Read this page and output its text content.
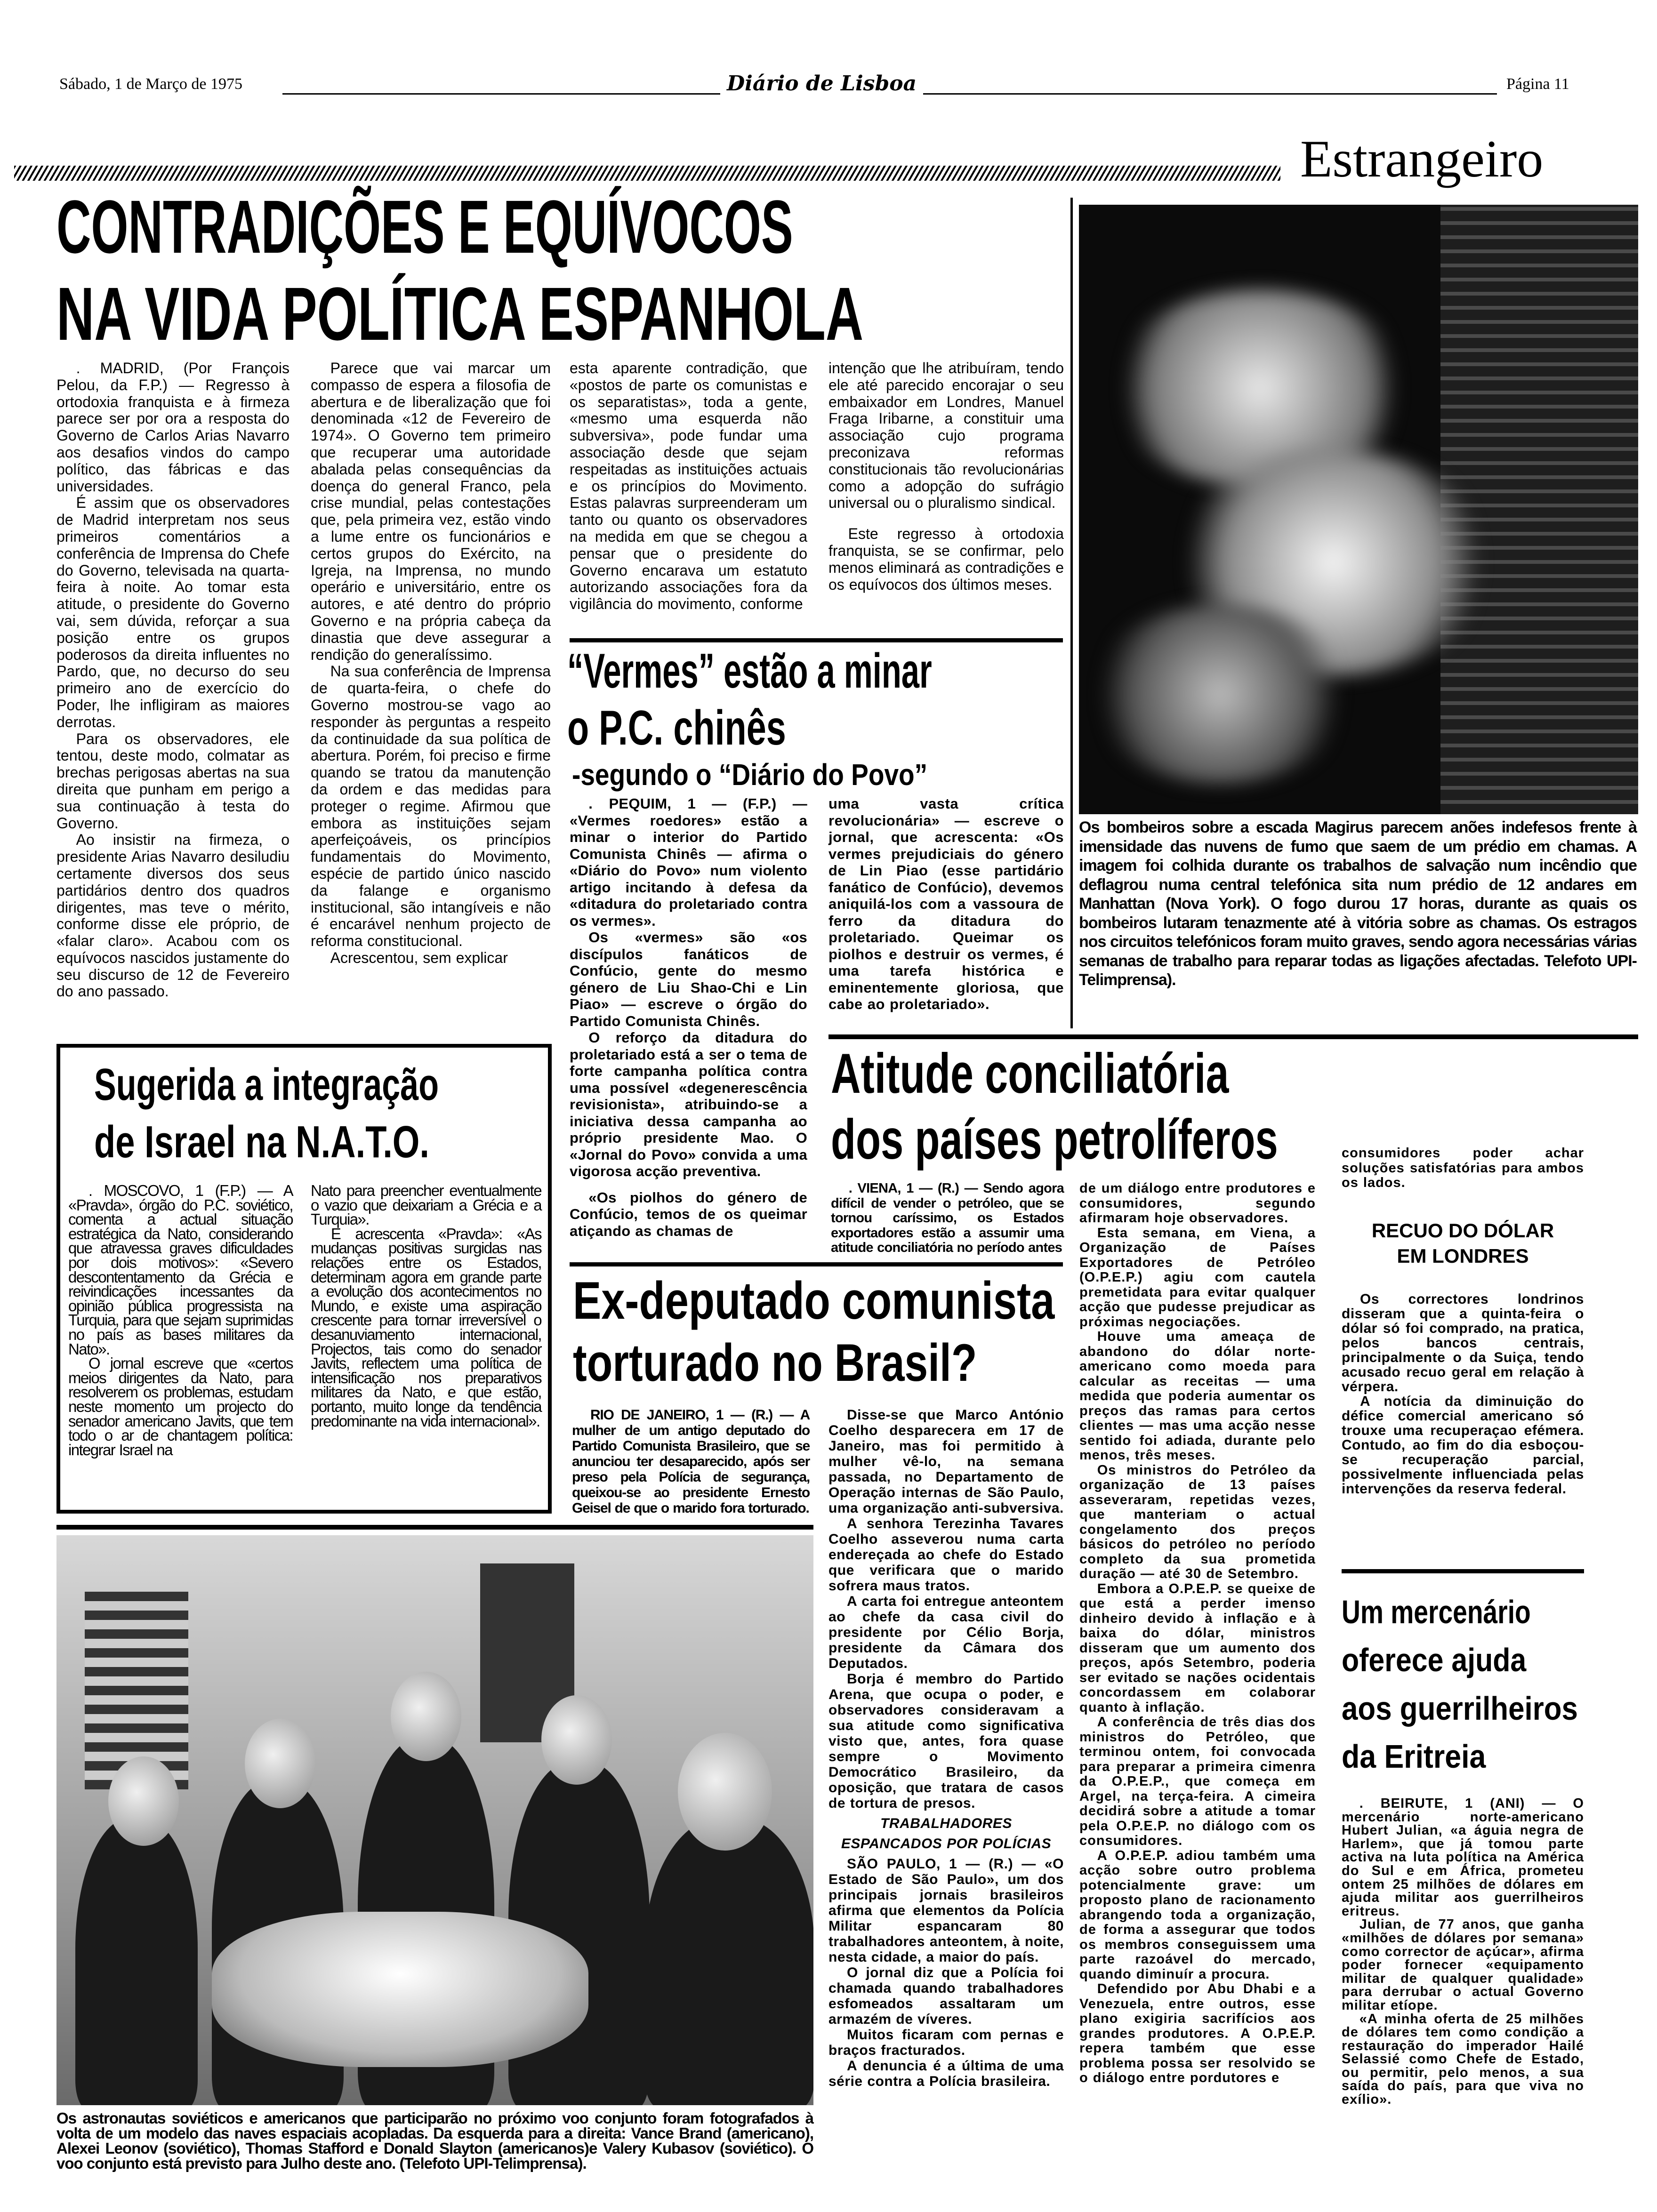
Sábado, 1 de Março de 1975	Diário de Lisboa	Página 11
Estrangeiro
CONTRADIÇÕES E EQUÍVOCOS
NA VIDA POLÍTICA ESPANHOLA

. MADRID, (Por François Pelou, da F.P.) — Regresso à ortodoxia franquista e à firmeza parece ser por ora a resposta do Governo de Carlos Arias Navarro aos desafios vindos do campo político, das fábricas e das universidades.

É assim que os observadores de Madrid interpretam nos seus primeiros comentários a conferência de Imprensa do Chefe do Governo, televisada na quarta-feira à noite. Ao tomar esta atitude, o presidente do Governo vai, sem dúvida, reforçar a sua posição entre os grupos poderosos da direita influentes no Pardo, que, no decurso do seu primeiro ano de exercício do Poder, lhe infligiram as maiores derrotas.

Para os observadores, ele tentou, deste modo, colmatar as brechas perigosas abertas na sua direita que punham em perigo a sua continuação à testa do Governo.

Ao insistir na firmeza, o presidente Arias Navarro desiludiu certamente diversos dos seus partidários dentro dos quadros dirigentes, mas teve o mérito, conforme disse ele próprio, de «falar claro». Acabou com os equívocos nascidos justamente do seu discurso de 12 de Fevereiro do ano passado.

Parece que vai marcar um compasso de espera a filosofia de abertura e de liberalização que foi denominada «12 de Fevereiro de 1974». O Governo tem primeiro que recuperar uma autoridade abalada pelas consequências da doença do general Franco, pela crise mundial, pelas contestações que, pela primeira vez, estão vindo a lume entre os funcionários e certos grupos do Exército, na Igreja, na Imprensa, no mundo operário e universitário, entre os autores, e até dentro do próprio Governo e na própria cabeça da dinastia que deve assegurar a rendição do generalíssimo.

Na sua conferência de Imprensa de quarta-feira, o chefe do Governo mostrou-se vago ao responder às perguntas a respeito da continuidade da sua política de abertura. Porém, foi preciso e firme quando se tratou da manutenção da ordem e das medidas para proteger o regime. Afirmou que embora as instituições sejam aperfeiçoáveis, os princípios fundamentais do Movimento, espécie de partido único nascido da falange e organismo institucional, são intangíveis e não é encarável nenhum projecto de reforma constitucional.

Acrescentou, sem explicar

esta aparente contradição, que «postos de parte os comunistas e os separatistas», toda a gente, «mesmo uma esquerda não subversiva», pode fundar uma associação desde que sejam respeitadas as instituições actuais e os princípios do Movimento. Estas palavras surpreenderam um tanto ou quanto os observadores na medida em que se chegou a pensar que o presidente do Governo encarava um estatuto autorizando associações fora da vigilância do movimento, conforme

intenção que lhe atribuíram, tendo ele até parecido encorajar o seu embaixador em Londres, Manuel Fraga Iribarne, a constituir uma associação cujo programa preconizava reformas constitucionais tão revolucionárias como a adopção do sufrágio universal ou o pluralismo sindical.

Este regresso à ortodoxia franquista, se se confirmar, pelo menos eliminará as contradições e os equívocos dos últimos meses.

Os bombeiros sobre a escada Magirus parecem anões indefesos frente à imensidade das nuvens de fumo que saem de um prédio em chamas. A imagem foi colhida durante os trabalhos de salvação num incêndio que deflagrou numa central telefónica sita num prédio de 12 andares em Manhattan (Nova York). O fogo durou 17 horas, durante as quais os bombeiros lutaram tenazmente até à vitória sobre as chamas. Os estragos nos circuitos telefónicos foram muito graves, sendo agora necessárias várias semanas de trabalho para reparar todas as ligações afectadas. Telefoto UPI-Telimprensa).
“Vermes” estão a minar
o P.C. chinês
-segundo o “Diário do Povo”

. PEQUIM, 1 — (F.P.) — «Vermes roedores» estão a minar o interior do Partido Comunista Chinês — afirma o «Diário do Povo» num violento artigo incitando à defesa da «ditadura do proletariado contra os vermes».

Os «vermes» são «os discípulos fanáticos de Confúcio, gente do mesmo género de Liu Shao-Chi e Lin Piao» — escreve o órgão do Partido Comunista Chinês.

O reforço da ditadura do proletariado está a ser o tema de forte campanha política contra uma possível «degenerescência revisionista», atribuindo-se a iniciativa dessa campanha ao próprio presidente Mao. O «Jornal do Povo» convida a uma vigorosa acção preventiva.

«Os piolhos do género de Confúcio, temos de os queimar atiçando as chamas de

uma vasta crítica revolucionária» — escreve o jornal, que acrescenta: «Os vermes prejudiciais do género de Lin Piao (esse partidário fanático de Confúcio), devemos aniquilá-los com a vassoura de ferro da ditadura do proletariado. Queimar os piolhos e destruir os vermes, é uma tarefa histórica e eminentemente gloriosa, que cabe ao proletariado».

Sugerida a integração
de Israel na N.A.T.O.

. MOSCOVO, 1 (F.P.) — A «Pravda», órgão do P.C. soviético, comenta a actual situação estratégica da Nato, considerando que atravessa graves dificuldades por dois motivos»: «Severo descontentamento da Grécia e reivindicações incessantes da opinião pública progressista na Turquia, para que sejam suprimidas no país as bases militares da Nato».

O jornal escreve que «certos meios dirigentes da Nato, para resolverem os problemas, estudam neste momento um projecto do senador americano Javits, que tem todo o ar de chantagem política: integrar Israel na

Nato para preencher eventualmente o vazio que deixariam a Grécia e a Turquia».

E acrescenta «Pravda»: «As mudanças positivas surgidas nas relações entre os Estados, determinam agora em grande parte a evolução dos acontecimentos no Mundo, e existe uma aspiração crescente para tornar irreversível o desanuviamento internacional, Projectos, tais como do senador Javits, reflectem uma política de intensificação nos preparativos militares da Nato, e que estão, portanto, muito longe da tendência predominante na vida internacional».

Atitude conciliatória
dos países petrolíferos

. VIENA, 1 — (R.) — Sendo agora difícil de vender o petróleo, que se tornou caríssimo, os Estados exportadores estão a assumir uma atitude conciliatória no período antes

de um diálogo entre produtores e consumidores, segundo afirmaram hoje observadores.

Esta semana, em Viena, a Organização de Países Exportadores de Petróleo (O.P.E.P.) agiu com cautela premetidata para evitar qualquer acção que pudesse prejudicar as próximas negociações.

Houve uma ameaça de abandono do dólar norte-americano como moeda para calcular as receitas — uma medida que poderia aumentar os preços das ramas para certos clientes — mas uma acção nesse sentido foi adiada, durante pelo menos, três meses.

Os ministros do Petróleo da organização de 13 países asseveraram, repetidas vezes, que manteriam o actual congelamento dos preços básicos do petróleo no período completo da sua prometida duração — até 30 de Setembro.

Embora a O.P.E.P. se queixe de que está a perder imenso dinheiro devido à inflação e à baixa do dólar, ministros disseram que um aumento dos preços, após Setembro, poderia ser evitado se nações ocidentais concordassem em colaborar quanto à inflação.

A conferência de três dias dos ministros do Petróleo, que terminou ontem, foi convocada para preparar a primeira cimenra da O.P.E.P., que começa em Argel, na terça-feira. A cimeira decidirá sobre a atitude a tomar pela O.P.E.P. no diálogo com os consumidores.

A O.P.E.P. adiou também uma acção sobre outro problema potencialmente grave: um proposto plano de racionamento abrangendo toda a organização, de forma a assegurar que todos os membros conseguissem uma parte razoável do mercado, quando diminuír a procura.

Defendido por Abu Dhabi e a Venezuela, entre outros, esse plano exigiria sacrifícios aos grandes produtores. A O.P.E.P. repera também que esse problema possa ser resolvido se o diálogo entre pordutores e

consumidores poder achar soluções satisfatórias para ambos os lados.

RECUO DO DÓLAR
EM LONDRES

Os correctores londrinos disseram que a quinta-feira o dólar só foi comprado, na pratica, pelos bancos centrais, principalmente o da Suiça, tendo acusado recuo geral em relação à vérpera.

A notícia da diminuição do défice comercial americano só trouxe uma recuperaçao efémera. Contudo, ao fim do dia esboçou-se recuperação parcial, possivelmente influenciada pelas intervenções da reserva federal.

Um mercenário
oferece ajuda
aos guerrilheiros
da Eritreia

. BEIRUTE, 1 (ANI) — O mercenário norte-americano Hubert Julian, «a águia negra de Harlem», que já tomou parte activa na luta política na América do Sul e em África, prometeu ontem 25 milhões de dólares em ajuda militar aos guerrilheiros eritreus.

Julian, de 77 anos, que ganha «milhões de dólares por semana» como corrector de açúcar», afirma poder fornecer «equipamento militar de qualquer qualidade» para derrubar o actual Governo militar etíope.

«A minha oferta de 25 milhões de dólares tem como condição a restauração do imperador Hailé Selassié como Chefe de Estado, ou permitir, pelo menos, a sua saída do país, para que viva no exílio».

Ex-deputado comunista
torturado no Brasil?

RIO DE JANEIRO, 1 — (R.) — A mulher de um antigo deputado do Partido Comunista Brasileiro, que se anunciou ter desaparecido, após ser preso pela Polícia de segurança, queixou-se ao presidente Ernesto Geisel de que o marido fora torturado.

Disse-se que Marco António Coelho desparecera em 17 de Janeiro, mas foi permitido à mulher vê-lo, na semana passada, no Departamento de Operação internas de São Paulo, uma organização anti-subversiva.

A senhora Terezinha Tavares Coelho asseverou numa carta endereçada ao chefe do Estado que verificara que o marido sofrera maus tratos.

A carta foi entregue anteontem ao chefe da casa civil do presidente por Célio Borja, presidente da Câmara dos Deputados.

Borja é membro do Partido Arena, que ocupa o poder, e observadores consideravam a sua atitude como significativa visto que, antes, fora quase sempre o Movimento Democrático Brasileiro, da oposição, que tratara de casos de tortura de presos.

TRABALHADORES

ESPANCADOS POR POLÍCIAS

SÃO PAULO, 1 — (R.) — «O Estado de São Paulo», um dos principais jornais brasileiros afirma que elementos da Polícia Militar espancaram 80 trabalhadores anteontem, à noite, nesta cidade, a maior do país.

O jornal diz que a Polícia foi chamada quando trabalhadores esfomeados assaltaram um armazém de víveres.

Muitos ficaram com pernas e braços fracturados.

A denuncia é a última de uma série contra a Polícia brasileira.

Os astronautas soviéticos e americanos que participarão no próximo voo conjunto foram fotografados à volta de um modelo das naves espaciais acopladas. Da esquerda para a direita: Vance Brand (americano), Alexei Leonov (soviético), Thomas Stafford e Donald Slayton (americanos)e Valery Kubasov (soviético). O voo conjunto está previsto para Julho deste ano. (Telefoto UPI-Telimprensa).
